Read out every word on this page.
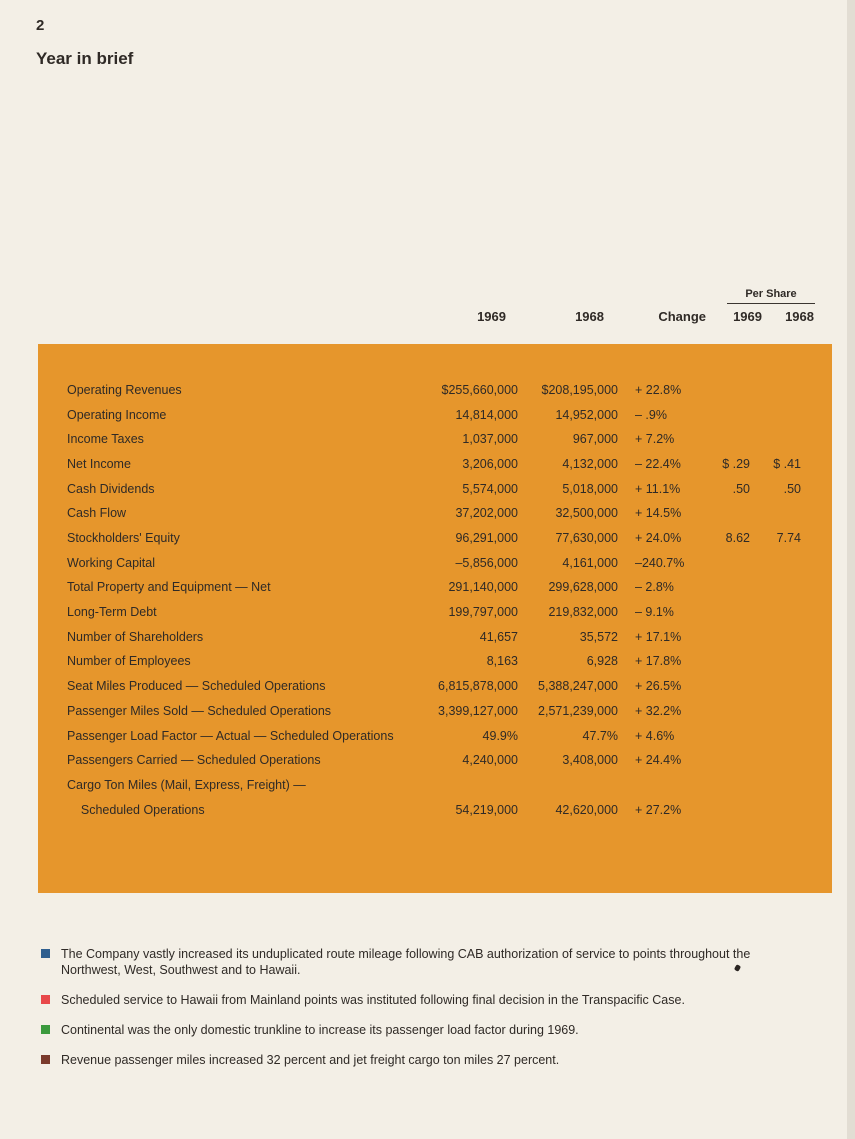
2
Year in brief
Per Share
1969	1968	Change	1969	1968
Operating Revenues	$255,660,000	$208,195,000 + 22.8%
Operating Income	14,814,000	14,952,000 – .9%
Income Taxes	1,037,000	967,000 + 7.2%
Net Income	3,206,000	4,132,000 – 22.4%	$ .29	$ .41
Cash Dividends	5,574,000	5,018,000 + 11.1%	.50	.50
Cash Flow	37,202,000	32,500,000 + 14.5%
Stockholders' Equity	96,291,000	77,630,000 + 24.0%	8.62	7.74
Working Capital	–5,856,000	4,161,000 –240.7%
Total Property and Equipment — Net	291,140,000	299,628,000 – 2.8%
Long-Term Debt	199,797,000	219,832,000 – 9.1%
Number of Shareholders	41,657	35,572 + 17.1%
Number of Employees	8,163	6,928 + 17.8%
Seat Miles Produced — Scheduled Operations	6,815,878,000	5,388,247,000 + 26.5%
Passenger Miles Sold — Scheduled Operations	3,399,127,000	2,571,239,000 + 32.2%
Passenger Load Factor — Actual — Scheduled Operations	49.9%	47.7% + 4.6%
Passengers Carried — Scheduled Operations	4,240,000	3,408,000 + 24.4%
Cargo Ton Miles (Mail, Express, Freight) —
Scheduled Operations	54,219,000	42,620,000 + 27.2%
The Company vastly increased its unduplicated route mileage following CAB authorization of service to points throughout the Northwest, West, Southwest and to Hawaii.
Scheduled service to Hawaii from Mainland points was instituted following final decision in the Transpacific Case.
Continental was the only domestic trunkline to increase its passenger load factor during 1969.
Revenue passenger miles increased 32 percent and jet freight cargo ton miles 27 percent.
